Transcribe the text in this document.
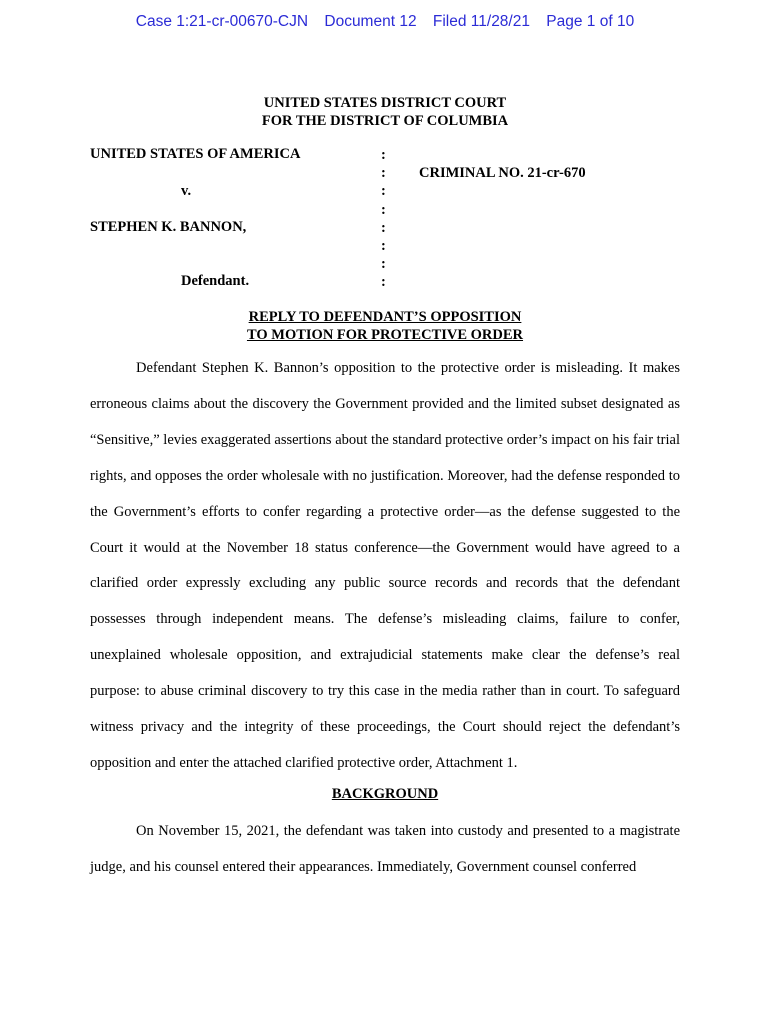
Case 1:21-cr-00670-CJN Document 12 Filed 11/28/21 Page 1 of 10
UNITED STATES DISTRICT COURT
FOR THE DISTRICT OF COLUMBIA
UNITED STATES OF AMERICA
v.
STEPHEN K. BANNON,
Defendant.
:
:
:
:
:
:
:
:
CRIMINAL NO. 21-cr-670
REPLY TO DEFENDANT’S OPPOSITION
TO MOTION FOR PROTECTIVE ORDER

Defendant Stephen K. Bannon’s opposition to the protective order is misleading. It makes erroneous claims about the discovery the Government provided and the limited subset designated as “Sensitive,” levies exaggerated assertions about the standard protective order’s impact on his fair trial rights, and opposes the order wholesale with no justification. Moreover, had the defense responded to the Government’s efforts to confer regarding a protective order—as the defense suggested to the Court it would at the November 18 status conference—the Government would have agreed to a clarified order expressly excluding any public source records and records that the defendant possesses through independent means. The defense’s misleading claims, failure to confer, unexplained wholesale opposition, and extrajudicial statements make clear the defense’s real purpose: to abuse criminal discovery to try this case in the media rather than in court. To safeguard witness privacy and the integrity of these proceedings, the Court should reject the defendant’s opposition and enter the attached clarified protective order, Attachment 1.

BACKGROUND

On November 15, 2021, the defendant was taken into custody and presented to a magistrate judge, and his counsel entered their appearances. Immediately, Government counsel conferred
